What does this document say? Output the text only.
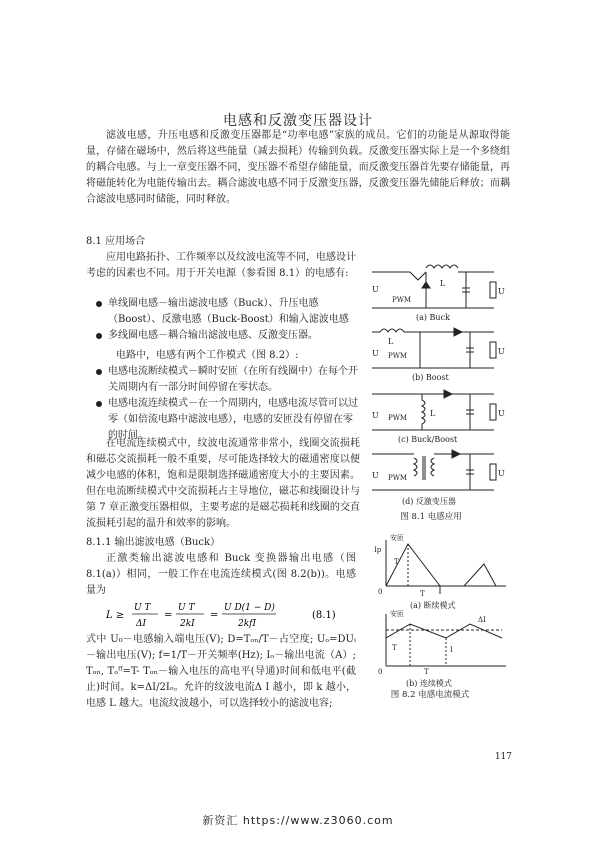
电感和反激变压器设计
滤波电感，升压电感和反激变压器都是“功率电感”家族的成员。它们的功能是从源取得能量，存储在磁场中，然后将这些能量（减去损耗）传输到负载。反激变压器实际上是一个多绕组的耦合电感。与上一章变压器不同，变压器不希望存储能量，而反激变压器首先要存储能量，再将磁能转化为电能传输出去。耦合滤波电感不同于反激变压器，反激变压器先储能后释放；而耦合滤波电感同时储能，同时释放。
8.1 应用场合
应用电路拓扑、工作频率以及纹波电流等不同，电感设计考虑的因素也不同。用于开关电源（参看图 8.1）的电感有:
单线圈电感－输出滤波电感（Buck）、升压电感（Boost）、反激电感（Buck-Boost）和输入滤波电感
多线圈电感－耦合输出滤波电感、反激变压器。
电路中，电感有两个工作模式（图 8.2）:
电感电流断续模式－瞬时安匝（在所有线圈中）在每个开关周期内有一部分时间停留在零状态。
电感电流连续模式－在一个周期内，电感电流尽管可以过零（如倍流电路中滤波电感），电感的安匝没有停留在零的时间。
在电流连续模式中，纹波电流通常非常小，线圈交流损耗和磁芯交流损耗一般不重要，尽可能选择较大的磁通密度以便减少电感的体积，饱和是限制选择磁通密度大小的主要因素。但在电流断续模式中交流损耗占主导地位，磁芯和线圈设计与第 7 章正激变压器相似，主要考虑的是磁芯损耗和线圈的交直流损耗引起的温升和效率的影响。
8.1.1 输出滤波电感（Buck）
正激类输出滤波电感和 Buck 变换器输出电感（图 8.1(a)）相同，一般工作在电流连续模式(图 8.2(b))。电感量为
L ≥
U T
ΔI
=
U T
2kI
=
U D(1 − D)
2kfI
(8.1)
式中 U₀－电感输入端电压(V); D=Tₒₙ/T－占空度; Uₒ=DUᵢ－输出电压(V); f=1/T－开关频率(Hz); Iₒ－输出电流（A）; Tₒₙ, Tₒᶠᶠ=T- Tₒₙ－输入电压的高电平(导通)时间和低电平(截止)时间。k=ΔI/2Iₒ。允许的纹波电流Δ I 越小，即 k 越小，电感 L 越大。电流纹波越小，可以选择较小的滤波电容;
L
U	U
PWM
(a) Buck
L
U	U
PWM
(b) Boost
L
U	U
PWM
(c) Buck/Boost
U	U
PWM
(d) 反激变压器
图 8.1 电感应用
安匝
Ip
T
0	T
(a) 断续模式
安匝
ΔI
T	I
0	T
(b) 连续模式
图 8.2 电感电流模式
117
新资汇 https://www.z3060.com
